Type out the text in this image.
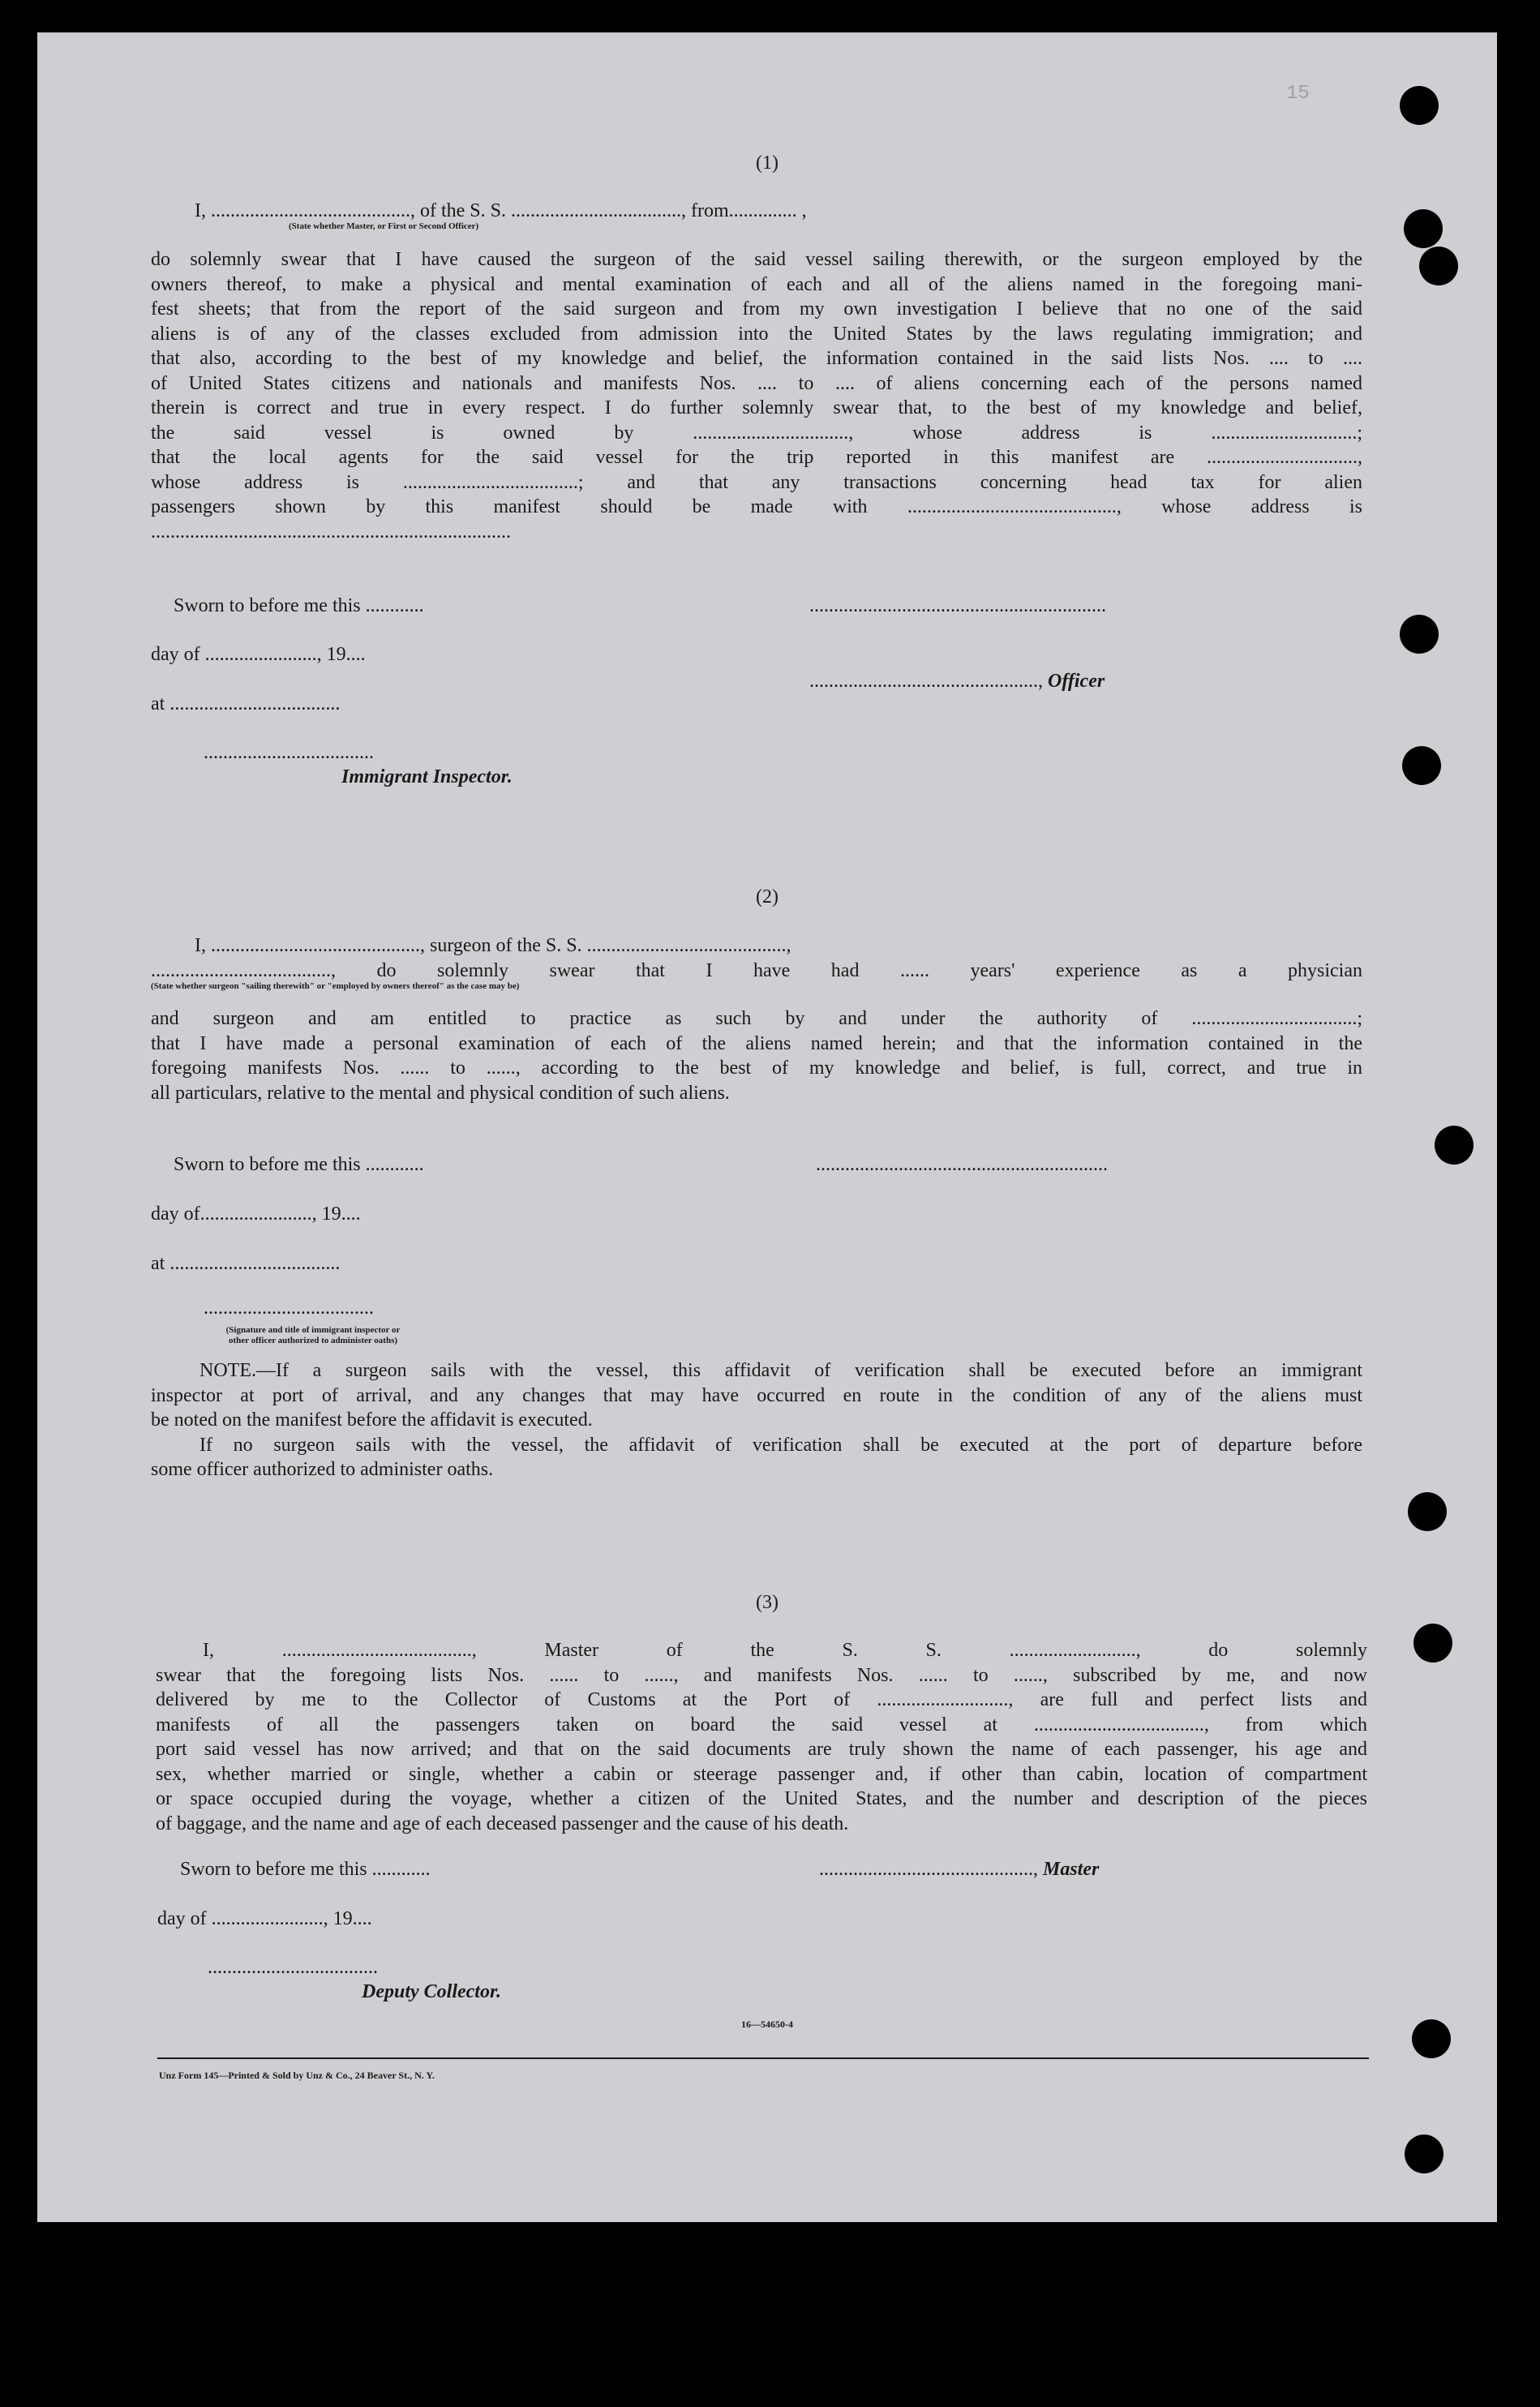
15
(1)
I, ........................................., of the S. S. ..................................., from.............. ,
(State whether Master, or First or Second Officer)
do solemnly swear that I have caused the surgeon of the said vessel sailing therewith, or the surgeon employed by the
owners thereof, to make a physical and mental examination of each and all of the aliens named in the foregoing mani-
fest sheets; that from the report of the said surgeon and from my own investigation I believe that no one of the said
aliens is of any of the classes excluded from admission into the United States by the laws regulating immigration; and
that also, according to the best of my knowledge and belief, the information contained in the said lists Nos. .... to ....
of United States citizens and nationals and manifests Nos. .... to .... of aliens concerning each of the persons named
therein is correct and true in every respect. I do further solemnly swear that, to the best of my knowledge and belief,
the said vessel is owned by ................................, whose address is ..............................;
that the local agents for the said vessel for the trip reported in this manifest are ...............................,
whose address is ....................................; and that any transactions concerning head tax for alien
passengers shown by this manifest should be made with ..........................................., whose address is
..........................................................................
Sworn to before me this ............
day of ......................., 19....
at ...................................
...................................
Immigrant Inspector.
.............................................................
..............................................., Officer
(2)
I, ..........................................., surgeon of the S. S. .........................................,
....................................., do solemnly swear that I have had ...... years' experience as a physician
(State whether surgeon "sailing therewith" or "employed by owners thereof" as the case may be)
and surgeon and am entitled to practice as such by and under the authority of ..................................;
that I have made a personal examination of each of the aliens named herein; and that the information contained in the
foregoing manifests Nos. ...... to ......, according to the best of my knowledge and belief, is full, correct, and true in
all particulars, relative to the mental and physical condition of such aliens.
Sworn to before me this ............
day of......................., 19....
at ...................................
...................................
(Signature and title of immigrant inspector or other officer authorized to administer oaths)
............................................................
NOTE.—If a surgeon sails with the vessel, this affidavit of verification shall be executed before an immigrant
inspector at port of arrival, and any changes that may have occurred en route in the condition of any of the aliens must
be noted on the manifest before the affidavit is executed.
If no surgeon sails with the vessel, the affidavit of verification shall be executed at the port of departure before
some officer authorized to administer oaths.
(3)
I, ......................................., Master of the S. S. .........................., do solemnly
swear that the foregoing lists Nos. ...... to ......, and manifests Nos. ...... to ......, subscribed by me, and now
delivered by me to the Collector of Customs at the Port of ..........................., are full and perfect lists and
manifests of all the passengers taken on board the said vessel at ..................................., from which
port said vessel has now arrived; and that on the said documents are truly shown the name of each passenger, his age and
sex, whether married or single, whether a cabin or steerage passenger and, if other than cabin, location of compartment
or space occupied during the voyage, whether a citizen of the United States, and the number and description of the pieces
of baggage, and the name and age of each deceased passenger and the cause of his death.
Sworn to before me this ............
day of ......................., 19....
...................................
Deputy Collector.
............................................, Master
16—54650-4
Unz Form 145—Printed & Sold by Unz & Co., 24 Beaver St., N. Y.
